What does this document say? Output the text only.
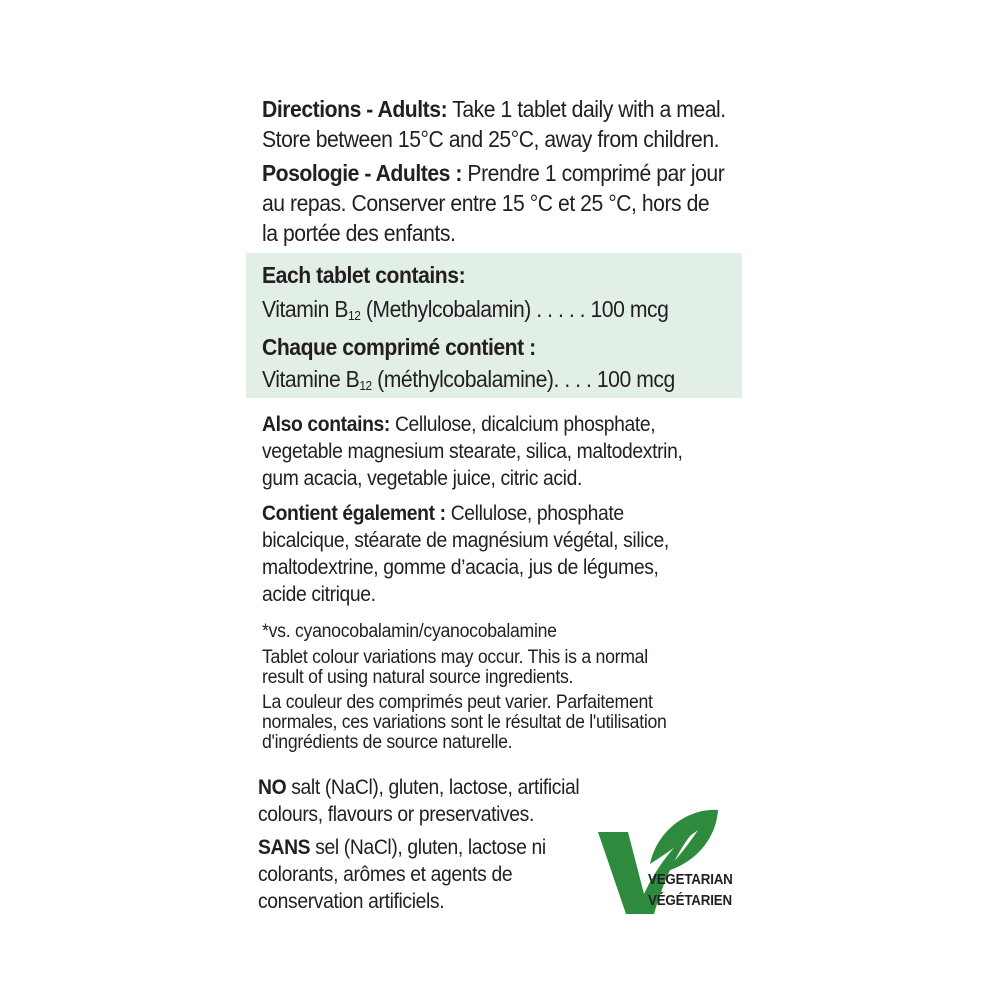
Directions - Adults: Take 1 tablet daily with a meal.
Store between 15°C and 25°C, away from children.
Posologie - Adultes : Prendre 1 comprimé par jour
au repas. Conserver entre 15 °C et 25 °C, hors de
la portée des enfants.
Each tablet contains:
Vitamin $B_{12}$ (Methylcobalamin) . . . . . 100 mcg
Chaque comprimé contient :
Vitamine $B_{12}$ (méthylcobalamine). . . . 100 mcg
Also contains: Cellulose, dicalcium phosphate,
vegetable magnesium stearate, silica, maltodextrin,
gum acacia, vegetable juice, citric acid.
Contient également : Cellulose, phosphate
bicalcique, stéarate de magnésium végétal, silice,
maltodextrine, gomme d’acacia, jus de légumes,
acide citrique.
*vs. cyanocobalamin/cyanocobalamine
Tablet colour variations may occur. This is a normal
result of using natural source ingredients.
La couleur des comprimés peut varier. Parfaitement
normales, ces variations sont le résultat de l'utilisation
d'ingrédients de source naturelle.
NO salt (NaCl), gluten, lactose, artificial
colours, flavours or preservatives.
SANS sel (NaCl), gluten, lactose ni
colorants, arômes et agents de
conservation artificiels.
VEGETARIAN
VÉGÉTARIEN
